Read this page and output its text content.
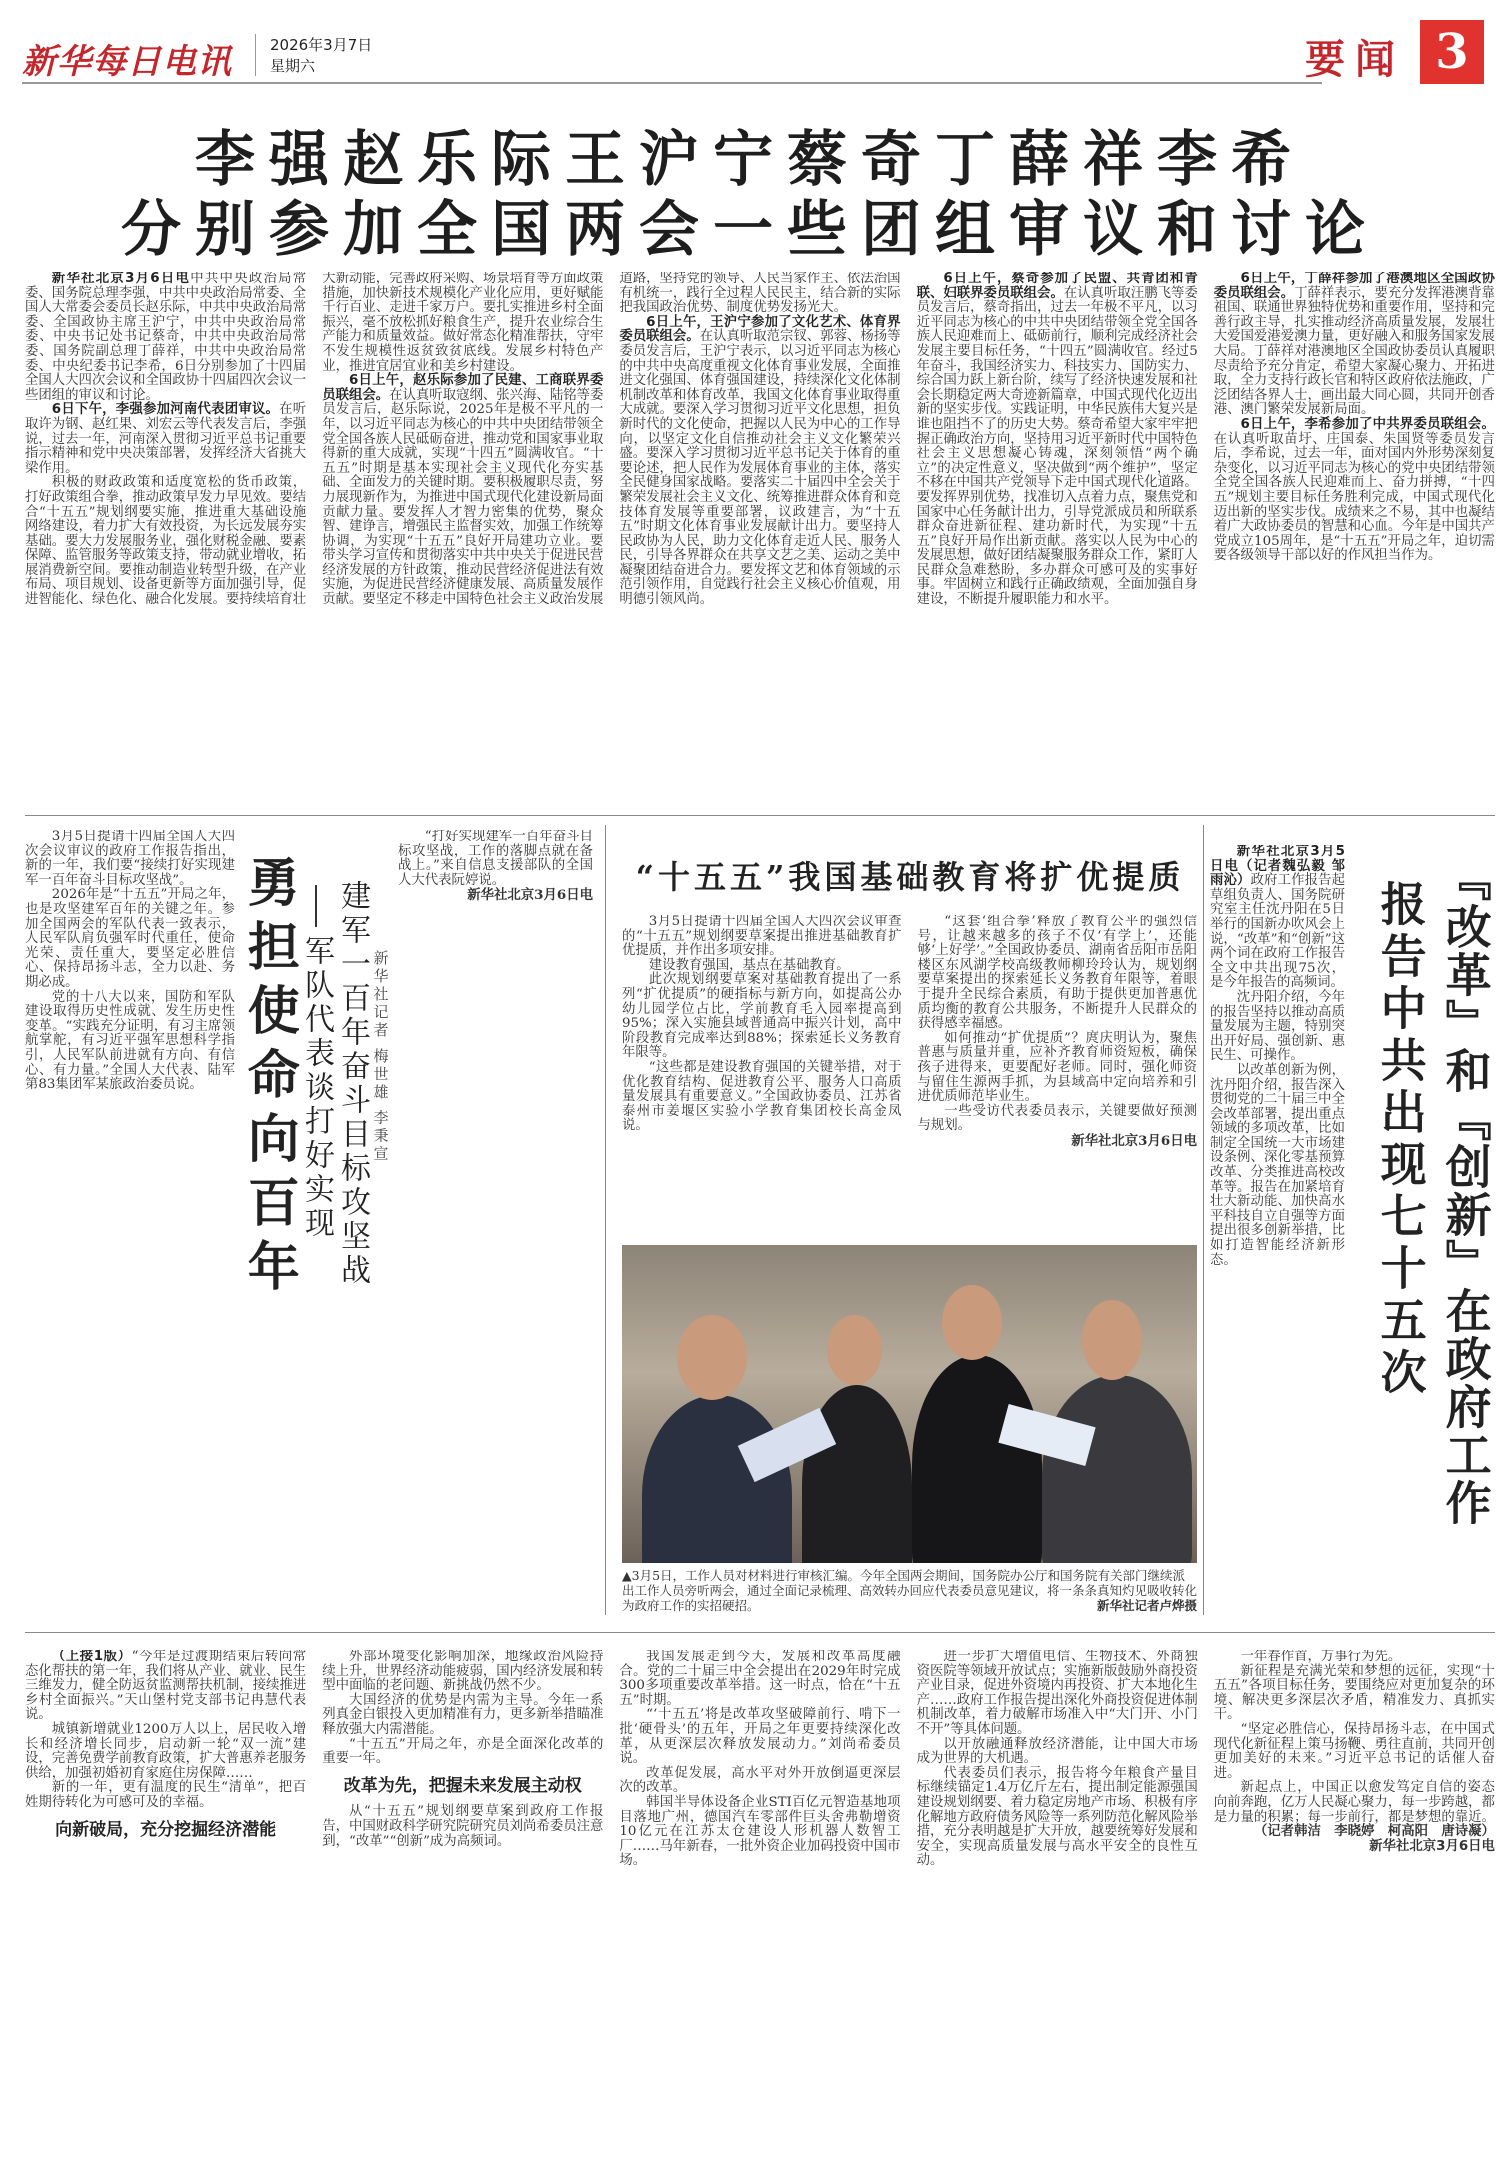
新华每日电讯	2026年3月7日
星期六	要闻 3
李强赵乐际王沪宁蔡奇丁薛祥李希
分别参加全国两会一些团组审议和讨论

新华社北京3月6日电中共中央政治局常委、国务院总理李强，中共中央政治局常委、全国人大常委会委员长赵乐际，中共中央政治局常委、全国政协主席王沪宁，中共中央政治局常委、中央书记处书记蔡奇，中共中央政治局常委、国务院副总理丁薛祥，中共中央政治局常委、中央纪委书记李希，6日分别参加了十四届全国人大四次会议和全国政协十四届四次会议一些团组的审议和讨论。

6日下午，李强参加河南代表团审议。在听取许为钢、赵红果、刘宏云等代表发言后，李强说，过去一年，河南深入贯彻习近平总书记重要指示精神和党中央决策部署，发挥经济大省挑大梁作用。

积极的财政政策和适度宽松的货币政策，打好政策组合拳，推动政策早发力早见效。要结合“十五五”规划纲要实施，推进重大基础设施网络建设，着力扩大有效投资，为长远发展夯实基础。要大力发展服务业，强化财税金融、要素保障、监管服务等政策支持，带动就业增收，拓展消费新空间。要推动制造业转型升级，在产业布局、项目规划、设备更新等方面加强引导，促进智能化、绿色化、融合化发展。要持续培育壮大新动能，完善政府采购、场景培育等方面政策措施，加快新技术规模化产业化应用，更好赋能千行百业、走进千家万户。要扎实推进乡村全面振兴，毫不放松抓好粮食生产，提升农业综合生产能力和质量效益。做好常态化精准帮扶，守牢不发生规模性返贫致贫底线。发展乡村特色产业，推进宜居宜业和美乡村建设。

6日上午，赵乐际参加了民建、工商联界委员联组会。在认真听取寇纲、张兴海、陆铭等委员发言后，赵乐际说，2025年是极不平凡的一年，以习近平同志为核心的中共中央团结带领全党全国各族人民砥砺奋进，推动党和国家事业取得新的重大成就，实现“十四五”圆满收官。“十五五”时期是基本实现社会主义现代化夯实基础、全面发力的关键时期。要积极履职尽责，努力展现新作为，为推进中国式现代化建设新局面贡献力量。要发挥人才智力密集的优势，聚众智、建诤言，增强民主监督实效，加强工作统筹协调，为实现“十五五”良好开局建功立业。要带头学习宣传和贯彻落实中共中央关于促进民营经济发展的方针政策，推动民营经济促进法有效实施，为促进民营经济健康发展、高质量发展作贡献。要坚定不移走中国特色社会主义政治发展道路，坚持党的领导、人民当家作主、依法治国有机统一，践行全过程人民民主，结合新的实际把我国政治优势、制度优势发扬光大。

6日上午，王沪宁参加了文化艺术、体育界委员联组会。在认真听取范宗钗、郭蓉、杨扬等委员发言后，王沪宁表示，以习近平同志为核心的中共中央高度重视文化体育事业发展，全面推进文化强国、体育强国建设，持续深化文化体制机制改革和体育改革，我国文化体育事业取得重大成就。要深入学习贯彻习近平文化思想，担负新时代的文化使命，把握以人民为中心的工作导向，以坚定文化自信推动社会主义文化繁荣兴盛。要深入学习贯彻习近平总书记关于体育的重要论述，把人民作为发展体育事业的主体，落实全民健身国家战略。要落实二十届四中全会关于繁荣发展社会主义文化、统筹推进群众体育和竞技体育发展等重要部署，议政建言，为“十五五”时期文化体育事业发展献计出力。要坚持人民政协为人民，助力文化体育走近人民、服务人民，引导各界群众在共享文艺之美、运动之美中凝聚团结奋进合力。要发挥文艺和体育领域的示范引领作用，自觉践行社会主义核心价值观，用明德引领风尚。

6日上午，蔡奇参加了民盟、共青团和青联、妇联界委员联组会。在认真听取汪鹏飞等委员发言后，蔡奇指出，过去一年极不平凡，以习近平同志为核心的中共中央团结带领全党全国各族人民迎难而上、砥砺前行，顺利完成经济社会发展主要目标任务，“十四五”圆满收官。经过5年奋斗，我国经济实力、科技实力、国防实力、综合国力跃上新台阶，续写了经济快速发展和社会长期稳定两大奇迹新篇章，中国式现代化迈出新的坚实步伐。实践证明，中华民族伟大复兴是谁也阻挡不了的历史大势。蔡奇希望大家牢牢把握正确政治方向，坚持用习近平新时代中国特色社会主义思想凝心铸魂，深刻领悟“两个确立”的决定性意义，坚决做到“两个维护”，坚定不移在中国共产党领导下走中国式现代化道路。要发挥界别优势，找准切入点着力点，聚焦党和国家中心任务献计出力，引导党派成员和所联系群众奋进新征程、建功新时代，为实现“十五五”良好开局作出新贡献。落实以人民为中心的发展思想，做好团结凝聚服务群众工作，紧盯人民群众急难愁盼，多办群众可感可及的实事好事。牢固树立和践行正确政绩观，全面加强自身建设，不断提升履职能力和水平。

6日上午，丁薛祥参加了港澳地区全国政协委员联组会。丁薛祥表示，要充分发挥港澳背靠祖国、联通世界独特优势和重要作用，坚持和完善行政主导，扎实推动经济高质量发展，发展壮大爱国爱港爱澳力量，更好融入和服务国家发展大局。丁薛祥对港澳地区全国政协委员认真履职尽责给予充分肯定，希望大家凝心聚力、开拓进取，全力支持行政长官和特区政府依法施政，广泛团结各界人士，画出最大同心圆，共同开创香港、澳门繁荣发展新局面。

6日上午，李希参加了中共界委员联组会。在认真听取苗圩、庄国泰、朱国贤等委员发言后，李希说，过去一年，面对国内外形势深刻复杂变化，以习近平同志为核心的党中央团结带领全党全国各族人民迎难而上、奋力拼搏，“十四五”规划主要目标任务胜利完成，中国式现代化迈出新的坚实步伐。成绩来之不易，其中也凝结着广大政协委员的智慧和心血。今年是中国共产党成立105周年，是“十五五”开局之年，迫切需要各级领导干部以好的作风担当作为。

3月5日提请十四届全国人大四次会议审议的政府工作报告指出，新的一年，我们要“接续打好实现建军一百年奋斗目标攻坚战”。

2026年是“十五五”开局之年，也是攻坚建军百年的关键之年。参加全国两会的军队代表一致表示，人民军队肩负强军时代重任，使命光荣、责任重大，要坚定必胜信心、保持昂扬斗志，全力以赴、务期必成。

党的十八大以来，国防和军队建设取得历史性成就、发生历史性变革。“实践充分证明，有习主席领航掌舵，有习近平强军思想科学指引，人民军队前进就有方向、有信心、有力量。”全国人大代表、陆军第83集团军某旅政治委员说。 勇担使命向百年 建军一百年奋斗目标攻坚战
军队代表谈打好实现	新华社记者 梅世雄 李秉宣

“打好实现建军一百年奋斗目标攻坚战，工作的落脚点就在备战上。”来自信息支援部队的全国人大代表阮婷说。

新华社北京3月6日电	“十五五”我国基础教育将扩优提质

3月5日提请十四届全国人大四次会议审查的“十五五”规划纲要草案提出推进基础教育扩优提质，并作出多项安排。

建设教育强国，基点在基础教育。

此次规划纲要草案对基础教育提出了一系列“扩优提质”的硬指标与新方向，如提高公办幼儿园学位占比，学前教育毛入园率提高到95%；深入实施县域普通高中振兴计划，高中阶段教育完成率达到88%；探索延长义务教育年限等。

“这些都是建设教育强国的关键举措，对于优化教育结构、促进教育公平、服务人口高质量发展具有重要意义。”全国政协委员、江苏省泰州市姜堰区实验小学教育集团校长高金凤说。

“这套‘组合拳’释放了教育公平的强烈信号，让越来越多的孩子不仅‘有学上’，还能够‘上好学’。”全国政协委员、湖南省岳阳市岳阳楼区东风湖学校高级教师柳玲玲认为，规划纲要草案提出的探索延长义务教育年限等，着眼于提升全民综合素质，有助于提供更加普惠优质均衡的教育公共服务，不断提升人民群众的获得感幸福感。

如何推动“扩优提质”？庹庆明认为，聚焦普惠与质量并重，应补齐教育师资短板，确保孩子进得来，更要配好老师。同时，强化师资与留住生源两手抓，为县域高中定向培养和引进优质师范毕业生。

一些受访代表委员表示，关键要做好预测与规划。

新华社北京3月6日电

▲3月5日，工作人员对材料进行审核汇编。今年全国两会期间，国务院办公厅和国务院有关部门继续派出工作人员旁听两会，通过全面记录梳理、高效转办回应代表委员意见建议，将一条条真知灼见吸收转化为政府工作的实招硬招。	新华社记者卢烨摄

新华社北京3月5日电（记者魏弘毅 邹雨沁）政府工作报告起草组负责人、国务院研究室主任沈丹阳在5日举行的国新办吹风会上说，“改革”和“创新”这两个词在政府工作报告全文中共出现75次，是今年报告的高频词。

沈丹阳介绍，今年的报告坚持以推动高质量发展为主题，特别突出开好局、强创新、惠民生、可操作。

以改革创新为例，沈丹阳介绍，报告深入贯彻党的二十届三中全会改革部署，提出重点领域的多项改革，比如制定全国统一大市场建设条例、深化零基预算改革、分类推进高校改革等。报告在加紧培育壮大新动能、加快高水平科技自立自强等方面提出很多创新举措，比如打造智能经济新形态。	『改革』和『创新』在政府工作
报告中共出现七十五次

（上接1版）“今年是过渡期结束后转向常态化帮扶的第一年，我们将从产业、就业、民生三维发力，健全防返贫监测帮扶机制，接续推进乡村全面振兴。”天山堡村党支部书记冉慧代表说。

城镇新增就业1200万人以上，居民收入增长和经济增长同步，启动新一轮“双一流”建设，完善免费学前教育政策，扩大普惠养老服务供给，加强初婚初育家庭住房保障……

新的一年，更有温度的民生“清单”，把百姓期待转化为可感可及的幸福。

向新破局，充分挖掘经济潜能

外部环境变化影响加深，地缘政治风险持续上升，世界经济动能疲弱，国内经济发展和转型中面临的老问题、新挑战仍然不少。

大国经济的优势是内需为主导。今年一系列真金白银投入更加精准有力，更多新举措瞄准释放强大内需潜能。

“十五五”开局之年，亦是全面深化改革的重要一年。

改革为先，把握未来发展主动权

从“十五五”规划纲要草案到政府工作报告，中国财政科学研究院研究员刘尚希委员注意到，“改革”“创新”成为高频词。

我国发展走到今天，发展和改革高度融合。党的二十届三中全会提出在2029年时完成300多项重要改革举措。这一时点，恰在“十五五”时期。

“‘十五五’将是改革攻坚破障前行、啃下一批‘硬骨头’的五年，开局之年更要持续深化改革，从更深层次释放发展动力。”刘尚希委员说。

改革促发展，高水平对外开放倒逼更深层次的改革。

韩国半导体设备企业STI百亿元智造基地项目落地广州，德国汽车零部件巨头舍弗勒增资10亿元在江苏太仓建设人形机器人数智工厂……马年新春，一批外资企业加码投资中国市场。

进一步扩大增值电信、生物技术、外商独资医院等领域开放试点；实施新版鼓励外商投资产业目录，促进外资境内再投资、扩大本地化生产……政府工作报告提出深化外商投资促进体制机制改革，着力破解市场准入中“大门开、小门不开”等具体问题。

以开放融通释放经济潜能，让中国大市场成为世界的大机遇。

代表委员们表示，报告将今年粮食产量目标继续锚定1.4万亿斤左右，提出制定能源强国建设规划纲要、着力稳定房地产市场、积极有序化解地方政府债务风险等一系列防范化解风险举措，充分表明越是扩大开放，越要统筹好发展和安全，实现高质量发展与高水平安全的良性互动。

一年春作首，万事行为先。

新征程是充满光荣和梦想的远征，实现“十五五”各项目标任务，要围绕应对更加复杂的环境、解决更多深层次矛盾，精准发力、真抓实干。

“坚定必胜信心，保持昂扬斗志，在中国式现代化新征程上策马扬鞭、勇往直前，共同开创更加美好的未来。”习近平总书记的话催人奋进。

新起点上，中国正以愈发笃定自信的姿态向前奔跑，亿万人民凝心聚力，每一步跨越，都是力量的积累；每一步前行，都是梦想的靠近。

（记者韩洁　李晓婷　柯高阳　唐诗凝）

新华社北京3月6日电
